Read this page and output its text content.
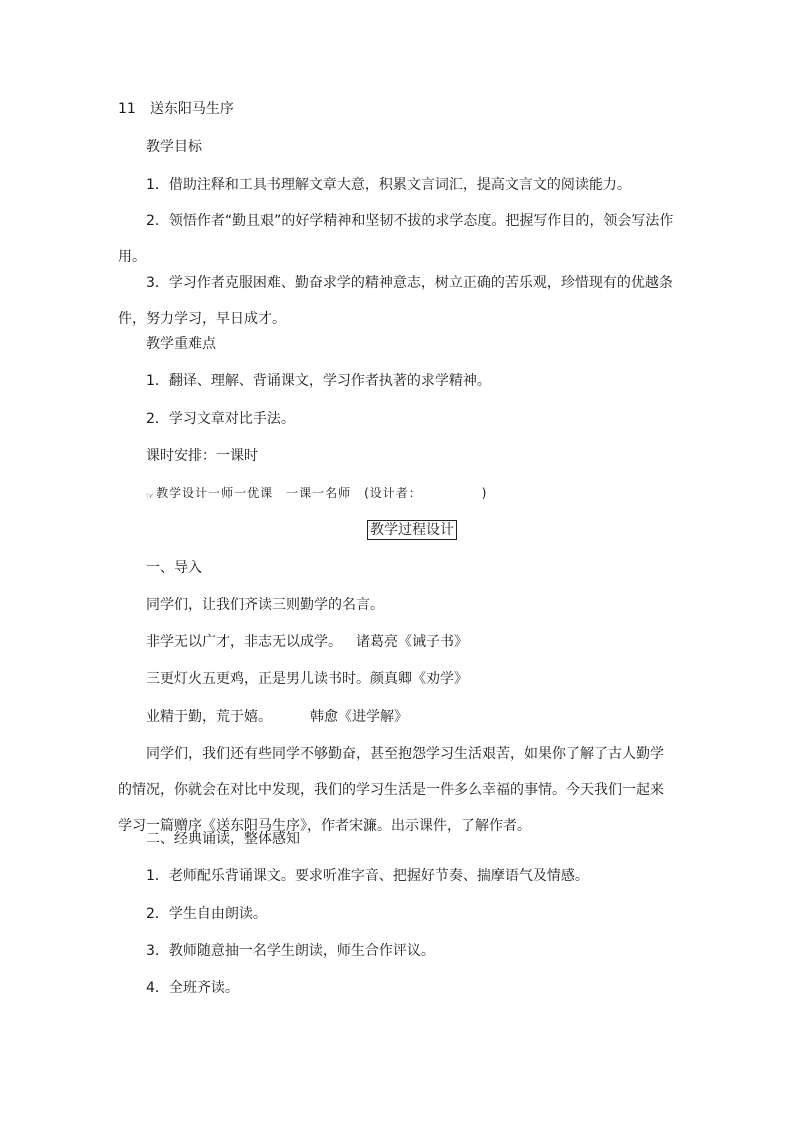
11 送东阳马生序
教学目标
1．借助注释和工具书理解文章大意，积累文言词汇，提高文言文的阅读能力。
2．领悟作者“勤且艰”的好学精神和坚韧不拔的求学态度。把握写作目的，领会写法作用。
3．学习作者克服困难、勤奋求学的精神意志，树立正确的苦乐观，珍惜现有的优越条件，努力学习，早日成才。
教学重难点
1．翻译、理解、背诵课文，学习作者执著的求学精神。
2．学习文章对比手法。
课时安排：一课时
☞教学设计一师一优课　一课一名师　(设计者：	)
教学过程设计
一、导入
同学们，让我们齐读三则勤学的名言。
非学无以广才，非志无以成学。 诸葛亮《诫子书》
三更灯火五更鸡，正是男儿读书时。颜真卿《劝学》
业精于勤，荒于嬉。	韩愈《进学解》
同学们，我们还有些同学不够勤奋，甚至抱怨学习生活艰苦，如果你了解了古人勤学的情况，你就会在对比中发现，我们的学习生活是一件多么幸福的事情。今天我们一起来学习一篇赠序《送东阳马生序》，作者宋濂。出示课件，了解作者。
二、经典诵读，整体感知
1．老师配乐背诵课文。要求听准字音、把握好节奏、揣摩语气及情感。
2．学生自由朗读。
3．教师随意抽一名学生朗读，师生合作评议。
4．全班齐读。
